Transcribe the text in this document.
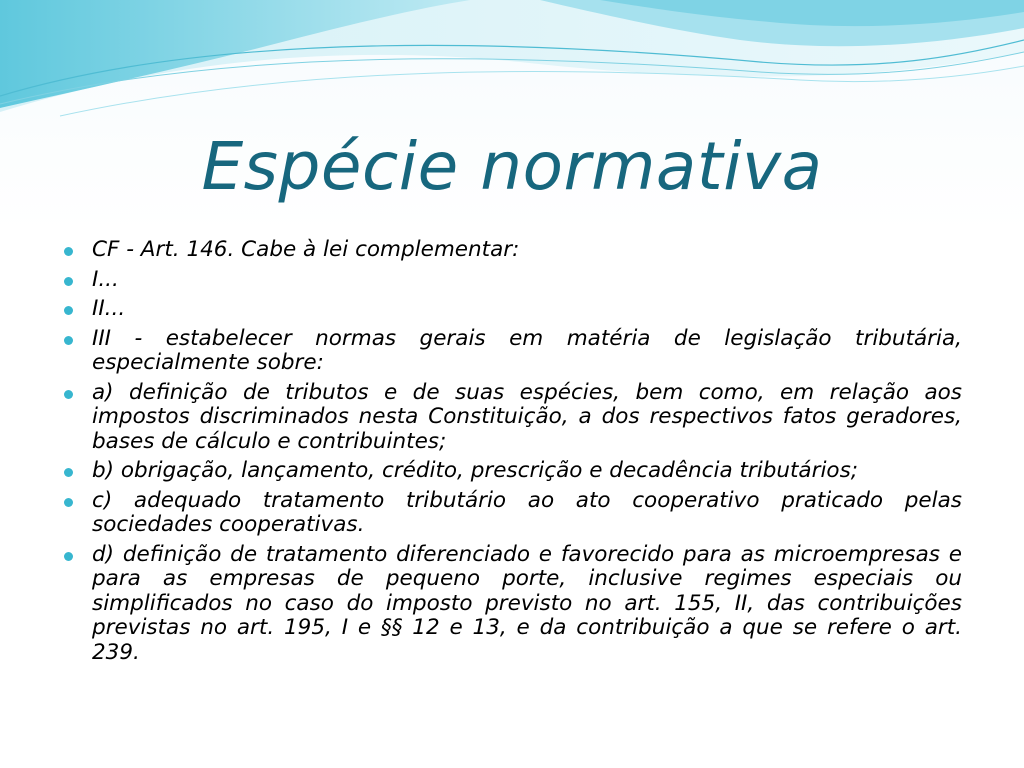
Espécie normativa
CF - Art. 146. Cabe à lei complementar:
I...
II...
III - estabelecer normas gerais em matéria de legislação tributária, especialmente sobre:
a) definição de tributos e de suas espécies, bem como, em relação aos impostos discriminados nesta Constituição, a dos respectivos fatos geradores, bases de cálculo e contribuintes;
b) obrigação, lançamento, crédito, prescrição e decadência tributários;
c) adequado tratamento tributário ao ato cooperativo praticado pelas sociedades cooperativas.
d) definição de tratamento diferenciado e favorecido para as microempresas e para as empresas de pequeno porte, inclusive regimes especiais ou simplificados no caso do imposto previsto no art. 155, II, das contribuições previstas no art. 195, I e §§ 12 e 13, e da contribuição a que se refere o art. 239.
